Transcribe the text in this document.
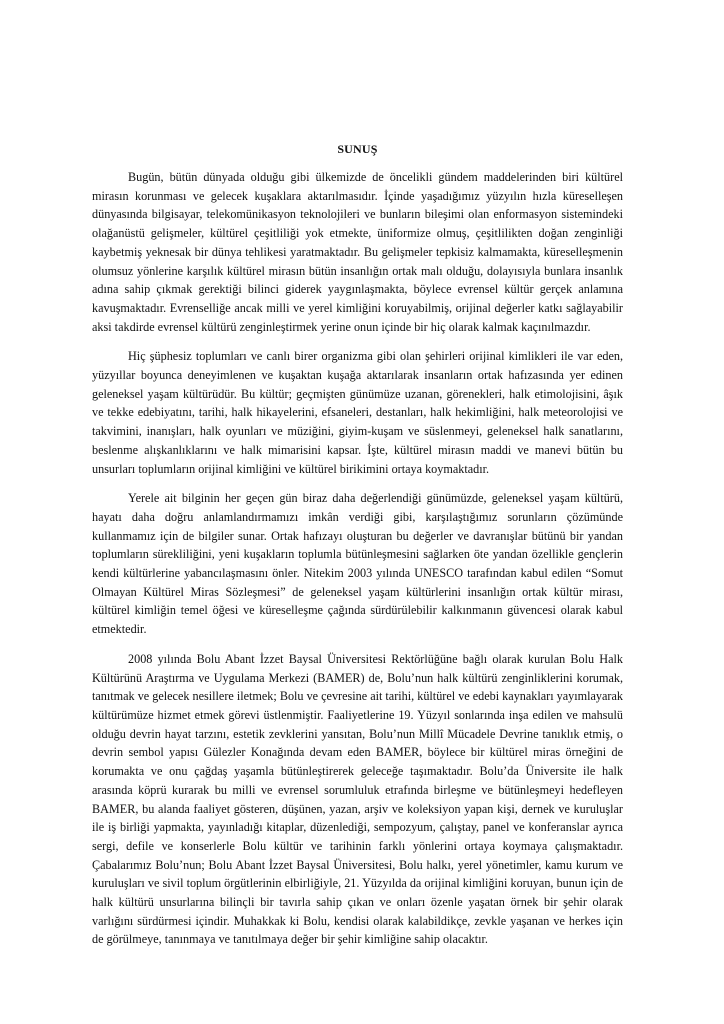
SUNUŞ

Bugün, bütün dünyada olduğu gibi ülkemizde de öncelikli gündem maddelerinden biri kültürel mirasın korunması ve gelecek kuşaklara aktarılmasıdır. İçinde yaşadığımız yüzyılın hızla küreselleşen dünyasında bilgisayar, telekomünikasyon teknolojileri ve bunların bileşimi olan enformasyon sistemindeki olağanüstü gelişmeler, kültürel çeşitliliği yok etmekte, üniformize olmuş, çeşitlilikten doğan zenginliği kaybetmiş yeknesak bir dünya tehlikesi yaratmaktadır. Bu gelişmeler tepkisiz kalmamakta, küreselleşmenin olumsuz yönlerine karşılık kültürel mirasın bütün insanlığın ortak malı olduğu, dolayısıyla bunlara insanlık adına sahip çıkmak gerektiği bilinci giderek yaygınlaşmakta, böylece evrensel kültür gerçek anlamına kavuşmaktadır. Evrenselliğe ancak milli ve yerel kimliğini koruyabilmiş, orijinal değerler katkı sağlayabilir aksi takdirde evrensel kültürü zenginleştirmek yerine onun içinde bir hiç olarak kalmak kaçınılmazdır.

Hiç şüphesiz toplumları ve canlı birer organizma gibi olan şehirleri orijinal kimlikleri ile var eden, yüzyıllar boyunca deneyimlenen ve kuşaktan kuşağa aktarılarak insanların ortak hafızasında yer edinen geleneksel yaşam kültürüdür. Bu kültür; geçmişten günümüze uzanan, görenekleri, halk etimolojisini, âşık ve tekke edebiyatını, tarihi, halk hikayelerini, efsaneleri, destanları, halk hekimliğini, halk meteorolojisi ve takvimini, inanışları, halk oyunları ve müziğini, giyim-kuşam ve süslenmeyi, geleneksel halk sanatlarını, beslenme alışkanlıklarını ve halk mimarisini kapsar. İşte, kültürel mirasın maddi ve manevi bütün bu unsurları toplumların orijinal kimliğini ve kültürel birikimini ortaya koymaktadır.

Yerele ait bilginin her geçen gün biraz daha değerlendiği günümüzde, geleneksel yaşam kültürü, hayatı daha doğru anlamlandırmamızı imkân verdiği gibi, karşılaştığımız sorunların çözümünde kullanmamız için de bilgiler sunar. Ortak hafızayı oluşturan bu değerler ve davranışlar bütünü bir yandan toplumların sürekliliğini, yeni kuşakların toplumla bütünleşmesini sağlarken öte yandan özellikle gençlerin kendi kültürlerine yabancılaşmasını önler. Nitekim 2003 yılında UNESCO tarafından kabul edilen “Somut Olmayan Kültürel Miras Sözleşmesi” de geleneksel yaşam kültürlerini insanlığın ortak kültür mirası, kültürel kimliğin temel öğesi ve küreselleşme çağında sürdürülebilir kalkınmanın güvencesi olarak kabul etmektedir.

2008 yılında Bolu Abant İzzet Baysal Üniversitesi Rektörlüğüne bağlı olarak kurulan Bolu Halk Kültürünü Araştırma ve Uygulama Merkezi (BAMER) de, Bolu’nun halk kültürü zenginliklerini korumak, tanıtmak ve gelecek nesillere iletmek; Bolu ve çevresine ait tarihi, kültürel ve edebi kaynakları yayımlayarak kültürümüze hizmet etmek görevi üstlenmiştir. Faaliyetlerine 19. Yüzyıl sonlarında inşa edilen ve mahsulü olduğu devrin hayat tarzını, estetik zevklerini yansıtan, Bolu’nun Millî Mücadele Devrine tanıklık etmiş, o devrin sembol yapısı Gülezler Konağında devam eden BAMER, böylece bir kültürel miras örneğini de korumakta ve onu çağdaş yaşamla bütünleştirerek geleceğe taşımaktadır. Bolu’da Üniversite ile halk arasında köprü kurarak bu milli ve evrensel sorumluluk etrafında birleşme ve bütünleşmeyi hedefleyen BAMER, bu alanda faaliyet gösteren, düşünen, yazan, arşiv ve koleksiyon yapan kişi, dernek ve kuruluşlar ile iş birliği yapmakta, yayınladığı kitaplar, düzenlediği, sempozyum, çalıştay, panel ve konferanslar ayrıca sergi, defile ve konserlerle Bolu kültür ve tarihinin farklı yönlerini ortaya koymaya çalışmaktadır. Çabalarımız Bolu’nun; Bolu Abant İzzet Baysal Üniversitesi, Bolu halkı, yerel yönetimler, kamu kurum ve kuruluşları ve sivil toplum örgütlerinin elbirliğiyle, 21. Yüzyılda da orijinal kimliğini koruyan, bunun için de halk kültürü unsurlarına bilinçli bir tavırla sahip çıkan ve onları özenle yaşatan örnek bir şehir olarak varlığını sürdürmesi içindir. Muhakkak ki Bolu, kendisi olarak kalabildikçe, zevkle yaşanan ve herkes için de görülmeye, tanınmaya ve tanıtılmaya değer bir şehir kimliğine sahip olacaktır.
